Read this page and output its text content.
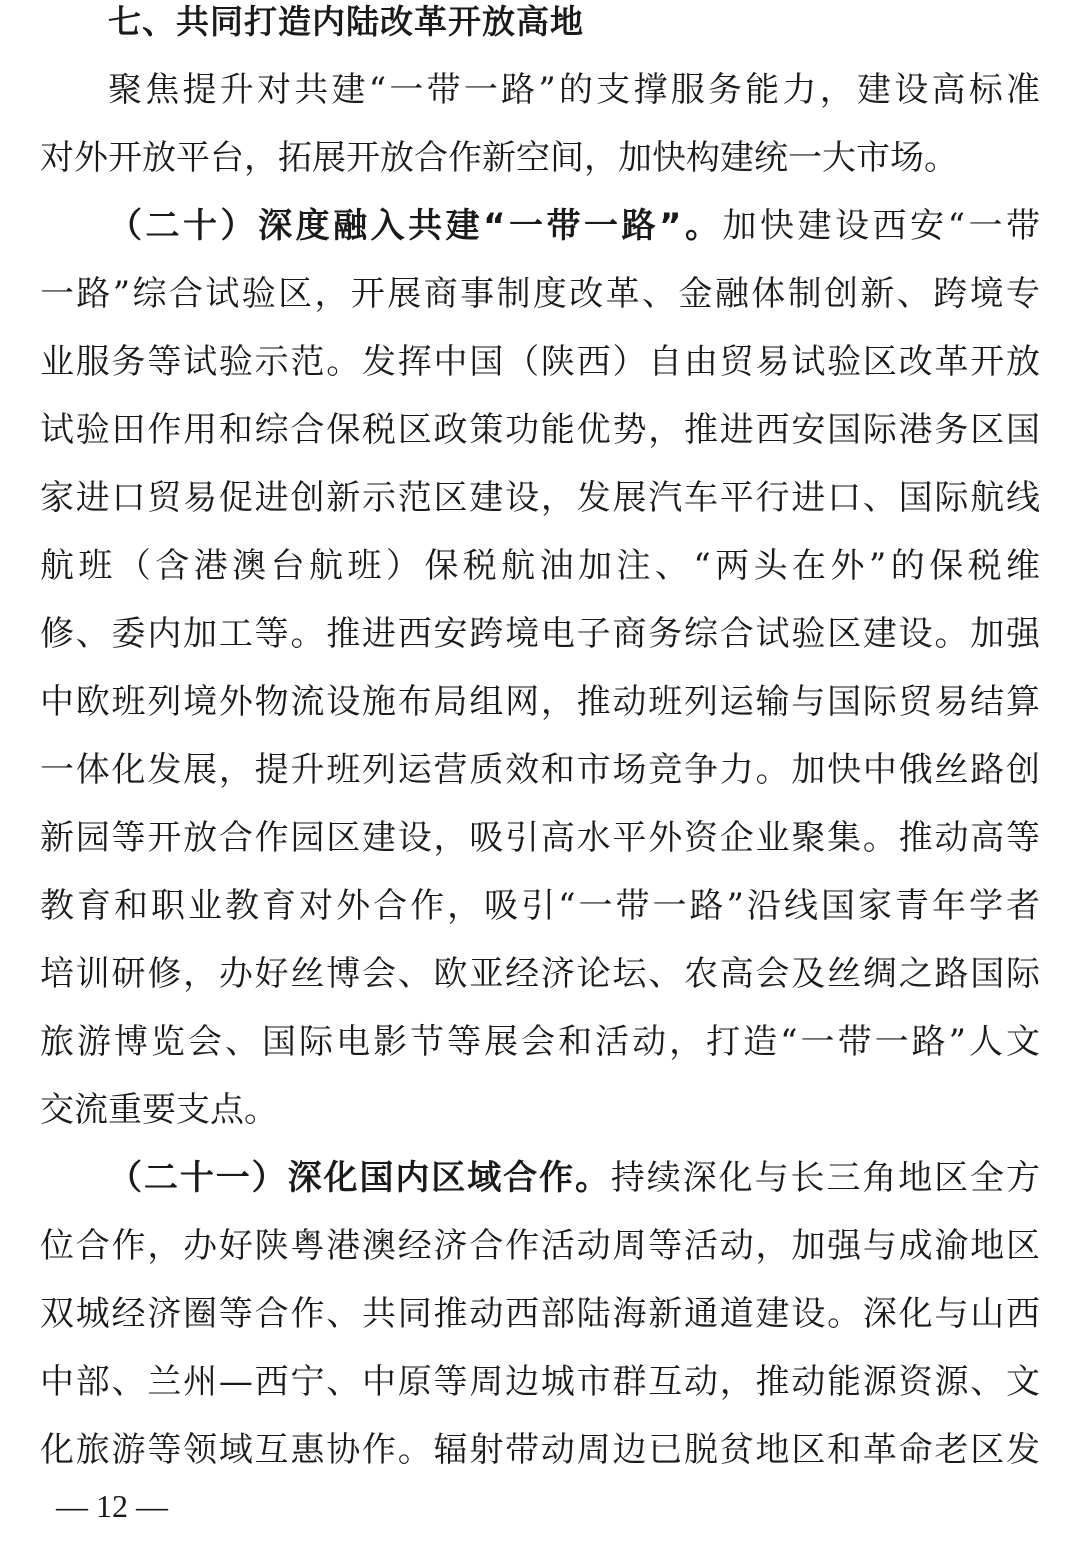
七、共同打造内陆改革开放高地
聚焦提升对共建“一带一路”的支撑服务能力，建设高标准
对外开放平台，拓展开放合作新空间，加快构建统一大市场。
（二十）深度融入共建“一带一路”。加快建设西安“一带
一路”综合试验区，开展商事制度改革、金融体制创新、跨境专
业服务等试验示范。发挥中国（陕西）自由贸易试验区改革开放
试验田作用和综合保税区政策功能优势，推进西安国际港务区国
家进口贸易促进创新示范区建设，发展汽车平行进口、国际航线
航班（含港澳台航班）保税航油加注、“两头在外”的保税维
修、委内加工等。推进西安跨境电子商务综合试验区建设。加强
中欧班列境外物流设施布局组网，推动班列运输与国际贸易结算
一体化发展，提升班列运营质效和市场竞争力。加快中俄丝路创
新园等开放合作园区建设，吸引高水平外资企业聚集。推动高等
教育和职业教育对外合作，吸引“一带一路”沿线国家青年学者
培训研修，办好丝博会、欧亚经济论坛、农高会及丝绸之路国际
旅游博览会、国际电影节等展会和活动，打造“一带一路”人文
交流重要支点。
（二十一）深化国内区域合作。持续深化与长三角地区全方
位合作，办好陕粤港澳经济合作活动周等活动，加强与成渝地区
双城经济圈等合作、共同推动西部陆海新通道建设。深化与山西
中部、兰州—西宁、中原等周边城市群互动，推动能源资源、文
化旅游等领域互惠协作。辐射带动周边已脱贫地区和革命老区发
— 12 —
